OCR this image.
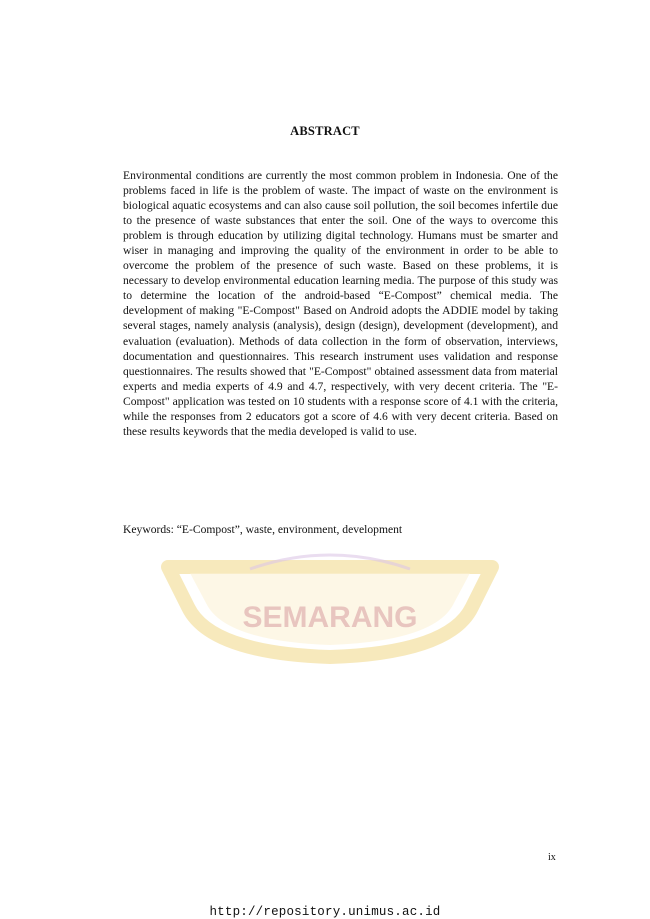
SEMARANG
ABSTRACT

Environmental conditions are currently the most common problem in Indonesia. One of the problems faced in life is the problem of waste. The impact of waste on the environment is biological aquatic ecosystems and can also cause soil pollution, the soil becomes infertile due to the presence of waste substances that enter the soil. One of the ways to overcome this problem is through education by utilizing digital technology. Humans must be smarter and wiser in managing and improving the quality of the environment in order to be able to overcome the problem of the presence of such waste. Based on these problems, it is necessary to develop environmental education learning media. The purpose of this study was to determine the location of the android-based “E-Compost” chemical media. The development of making "E-Compost" Based on Android adopts the ADDIE model by taking several stages, namely analysis (analysis), design (design), development (development), and evaluation (evaluation). Methods of data collection in the form of observation, interviews, documentation and questionnaires. This research instrument uses validation and response questionnaires. The results showed that "E-Compost" obtained assessment data from material experts and media experts of 4.9 and 4.7, respectively, with very decent criteria. The "E-Compost" application was tested on 10 students with a response score of 4.1 with the criteria, while the responses from 2 educators got a score of 4.6 with very decent criteria. Based on these results keywords that the media developed is valid to use.

Keywords: “E-Compost”, waste, environment, development
ix
http://repository.unimus.ac.id
